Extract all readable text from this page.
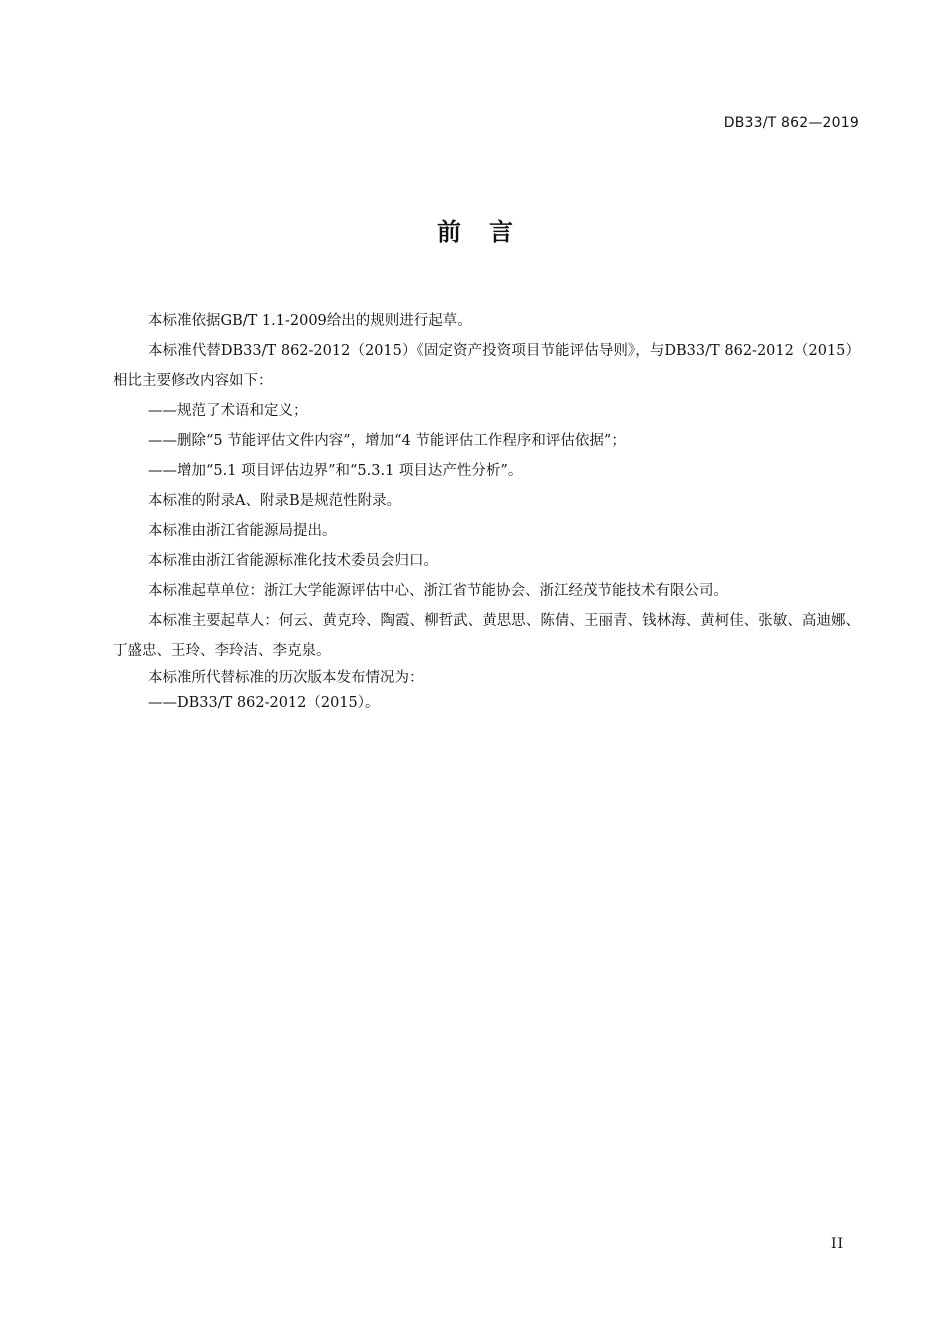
DB33/T 862—2019
前言

本标准依据GB/T 1.1-2009给出的规则进行起草。

本标准代替DB33/T 862-2012（2015）《固定资产投资项目节能评估导则》，与DB33/T 862-2012（2015）相比主要修改内容如下：

——规范了术语和定义；

——删除“5 节能评估文件内容”，增加“4 节能评估工作程序和评估依据”；

——增加“5.1 项目评估边界”和“5.3.1 项目达产性分析”。

本标准的附录A、附录B是规范性附录。

本标准由浙江省能源局提出。

本标准由浙江省能源标准化技术委员会归口。

本标准起草单位：浙江大学能源评估中心、浙江省节能协会、浙江经茂节能技术有限公司。

本标准主要起草人：何云、黄克玲、陶霞、柳哲武、黄思思、陈倩、王丽青、钱林海、黄柯佳、张敏、高迪娜、丁盛忠、王玲、李玲洁、李克泉。

本标准所代替标准的历次版本发布情况为：

——DB33/T 862-2012（2015）。

II
